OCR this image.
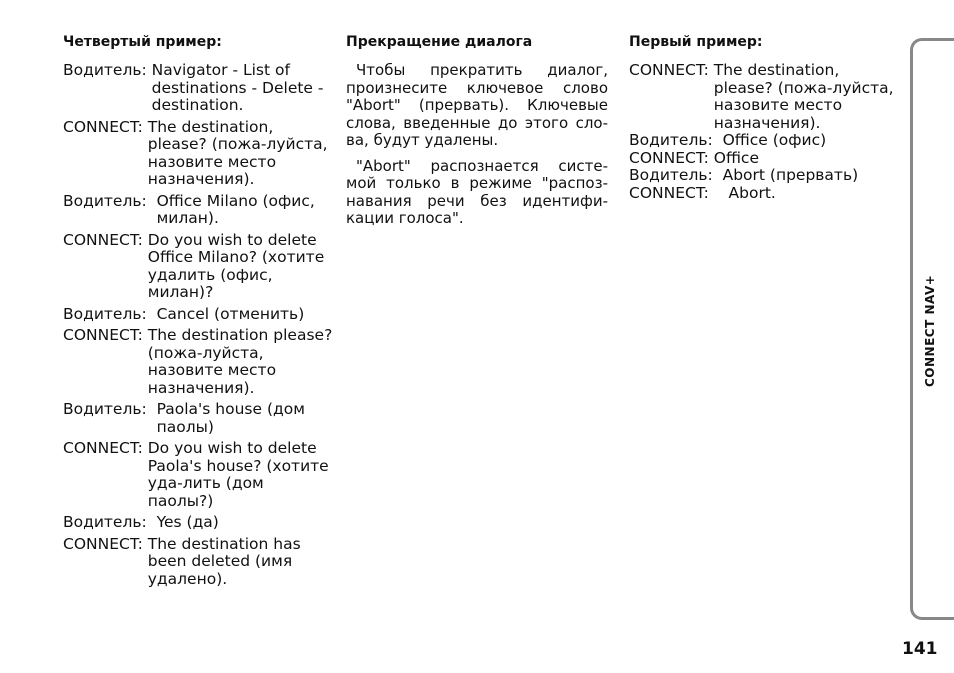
Четвертый пример:
Водитель: Navigator - List of destinations - Delete - destination.
CONNECT: The destination, please? (пожа-луйста, назовите место назначения).
Водитель: Office Milano (офис, милан).
CONNECT: Do you wish to delete Office Milano? (хотите удалить (офис, милан)?
Водитель: Cancel (отменить)
CONNECT: The destination please? (пожа-луйста, назовите место назначения).
Водитель: Paola's house (дом паолы)
CONNECT: Do you wish to delete Paola's house? (хотите уда-лить (дом паолы?)
Водитель: Yes (да)
CONNECT: The destination has been deleted (имя удалено).
Прекращение диалога

Чтобы прекратить диалог, произнесите ключевое слово "Abort" (прервать). Ключевые слова, введенные до этого сло-ва, будут удалены.

"Abort" распознается систе-мой только в режиме "распоз-навания речи без идентифи-кации голоса".

Первый пример:
CONNECT: The destination, please? (пожа-луйста, назовите место назначения).
Водитель: Office (офис)
CONNECT: Office
Водитель: Abort (прервать)
CONNECT: Abort.
CONNECT NAV+
141
